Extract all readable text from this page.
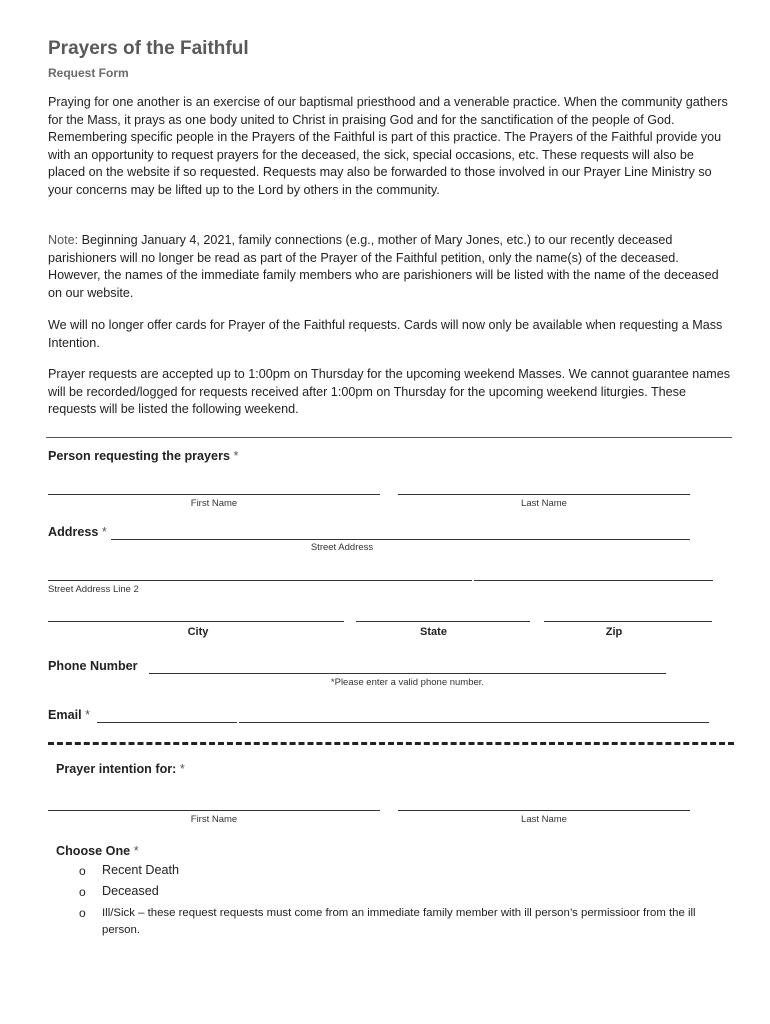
Prayers of the Faithful
Request Form
Praying for one another is an exercise of our baptismal priesthood and a venerable practice. When the community gathers for the Mass, it prays as one body united to Christ in praising God and for the sanctification of the people of God. Remembering specific people in the Prayers of the Faithful is part of this practice. The Prayers of the Faithful provide you with an opportunity to request prayers for the deceased, the sick, special occasions, etc. These requests will also be placed on the website if so requested. Requests may also be forwarded to those involved in our Prayer Line Ministry so your concerns may be lifted up to the Lord by others in the community.
Note: Beginning January 4, 2021, family connections (e.g., mother of Mary Jones, etc.) to our recently deceased parishioners will no longer be read as part of the Prayer of the Faithful petition, only the name(s) of the deceased. However, the names of the immediate family members who are parishioners will be listed with the name of the deceased on our website.
We will no longer offer cards for Prayer of the Faithful requests. Cards will now only be available when requesting a Mass Intention.
Prayer requests are accepted up to 1:00pm on Thursday for the upcoming weekend Masses. We cannot guarantee names will be recorded/logged for requests received after 1:00pm on Thursday for the upcoming weekend liturgies. These requests will be listed the following weekend.
Person requesting the prayers *
First Name	Last Name
Address *
Street Address
Street Address Line 2
City	State	Zip
Phone Number
*Please enter a valid phone number.
Email *
Prayer intention for: *
First Name	Last Name
Choose One *
o Recent Death
o Deceased
o Ill/Sick – these request requests must come from an immediate family member with ill person’s permissioor from the ill person.
